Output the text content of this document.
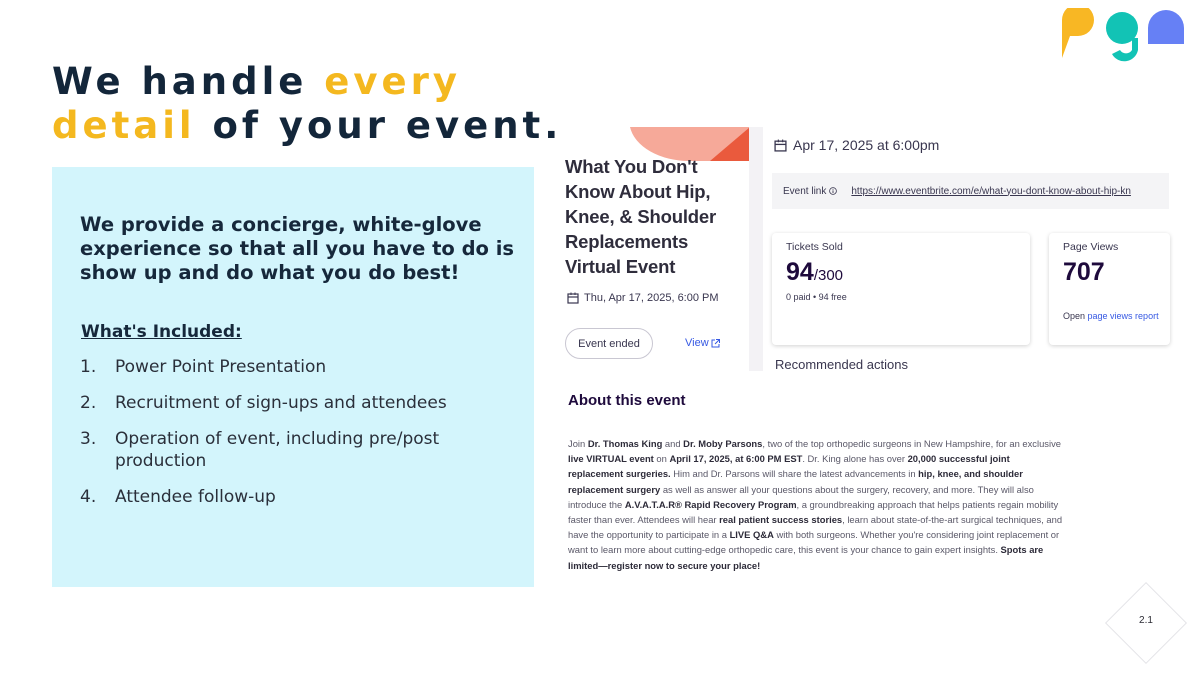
We handle every
detail of your event.
We provide a concierge, white-glove experience so that all you have to do is show up and do what you do best!
What's Included:
1.	Power Point Presentation
2.	Recruitment of sign-ups and attendees
3.	Operation of event, including pre/post production
4.	Attendee follow-up
What You Don't Know About Hip, Knee, & Shoulder Replacements Virtual Event
Thu, Apr 17, 2025, 6:00 PM
Event ended	View
Apr 17, 2025 at 6:00pm
Event link	https://www.eventbrite.com/e/what-you-dont-know-about-hip-kn
Tickets Sold
94/300
0 paid • 94 free
Page Views
707
Open page views report
Recommended actions
About this event
Join Dr. Thomas King and Dr. Moby Parsons, two of the top orthopedic surgeons in New Hampshire, for an exclusive live VIRTUAL event on April 17, 2025, at 6:00 PM EST. Dr. King alone has over 20,000 successful joint replacement surgeries. Him and Dr. Parsons will share the latest advancements in hip, knee, and shoulder replacement surgery as well as answer all your questions about the surgery, recovery, and more. They will also introduce the A.V.A.T.A.R® Rapid Recovery Program, a groundbreaking approach that helps patients regain mobility faster than ever. Attendees will hear real patient success stories, learn about state-of-the-art surgical techniques, and have the opportunity to participate in a LIVE Q&A with both surgeons. Whether you're considering joint replacement or want to learn more about cutting-edge orthopedic care, this event is your chance to gain expert insights. Spots are limited—register now to secure your place!
2.1
